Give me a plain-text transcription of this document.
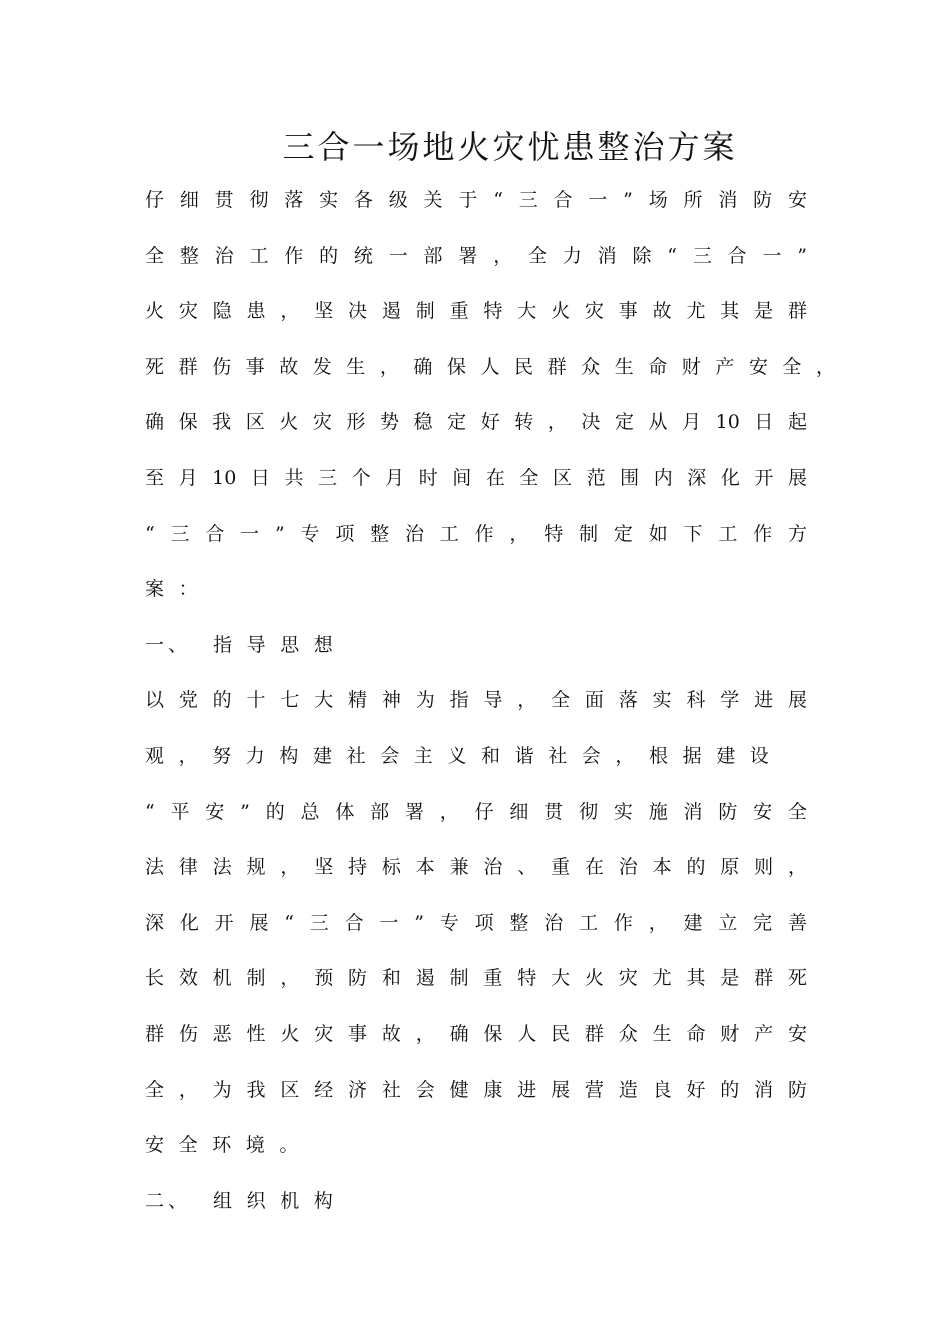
三合一场地火灾忧患整治方案
仔细贯彻落实各级关于“三合一”场所消防安
全整治工作的统一部署，全力消除“三合一”
火灾隐患，坚决遏制重特大火灾事故尤其是群
死群伤事故发生，确保人民群众生命财产安全，
确保我区火灾形势稳定好转，决定从月10日起
至月10日共三个月时间在全区范围内深化开展
“三合一”专项整治工作，特制定如下工作方
案：
一、 指导思想
以党的十七大精神为指导，全面落实科学进展
观，努力构建社会主义和谐社会，根据建设
“平安”的总体部署，仔细贯彻实施消防安全
法律法规，坚持标本兼治、重在治本的原则，
深化开展“三合一”专项整治工作，建立完善
长效机制，预防和遏制重特大火灾尤其是群死
群伤恶性火灾事故，确保人民群众生命财产安
全，为我区经济社会健康进展营造良好的消防
安全环境。
二、 组织机构
